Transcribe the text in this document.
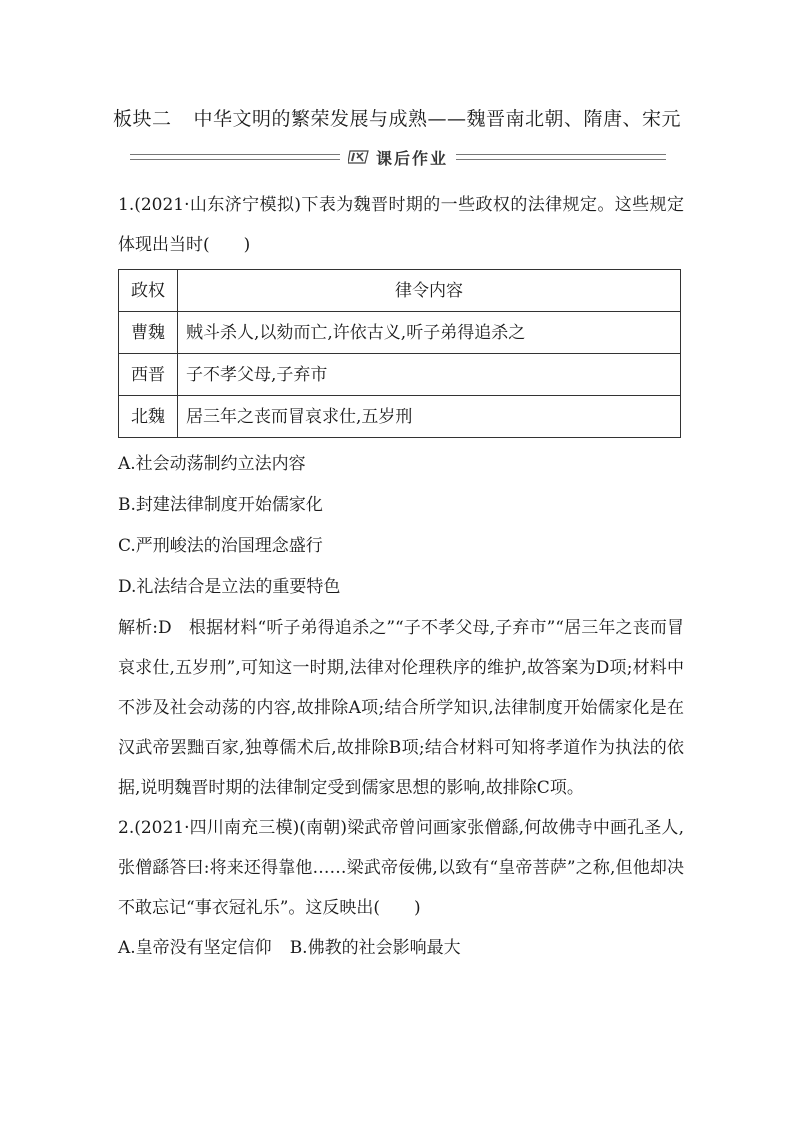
板块二 中华文明的繁荣发展与成熟——魏晋南北朝、隋唐、宋元
课后作业

1.(2021·山东济宁模拟)下表为魏晋时期的一些政权的法律规定。这些规定体现出当时(　　)

政权	律令内容
曹魏	贼斗杀人,以劾而亡,许依古义,听子弟得追杀之
西晋	子不孝父母,子弃市
北魏	居三年之丧而冒哀求仕,五岁刑

A.社会动荡制约立法内容

B.封建法律制度开始儒家化

C.严刑峻法的治国理念盛行

D.礼法结合是立法的重要特色

解析:D　根据材料“听子弟得追杀之”“子不孝父母,子弃市”“居三年之丧而冒哀求仕,五岁刑”,可知这一时期,法律对伦理秩序的维护,故答案为D项;材料中不涉及社会动荡的内容,故排除A项;结合所学知识,法律制度开始儒家化是在汉武帝罢黜百家,独尊儒术后,故排除B项;结合材料可知将孝道作为执法的依据,说明魏晋时期的法律制定受到儒家思想的影响,故排除C项。

2.(2021·四川南充三模)(南朝)梁武帝曾问画家张僧繇,何故佛寺中画孔圣人,张僧繇答曰:将来还得靠他……梁武帝佞佛,以致有“皇帝菩萨”之称,但他却决不敢忘记“事衣冠礼乐”。这反映出(　　)

A.皇帝没有坚定信仰 B.佛教的社会影响最大
